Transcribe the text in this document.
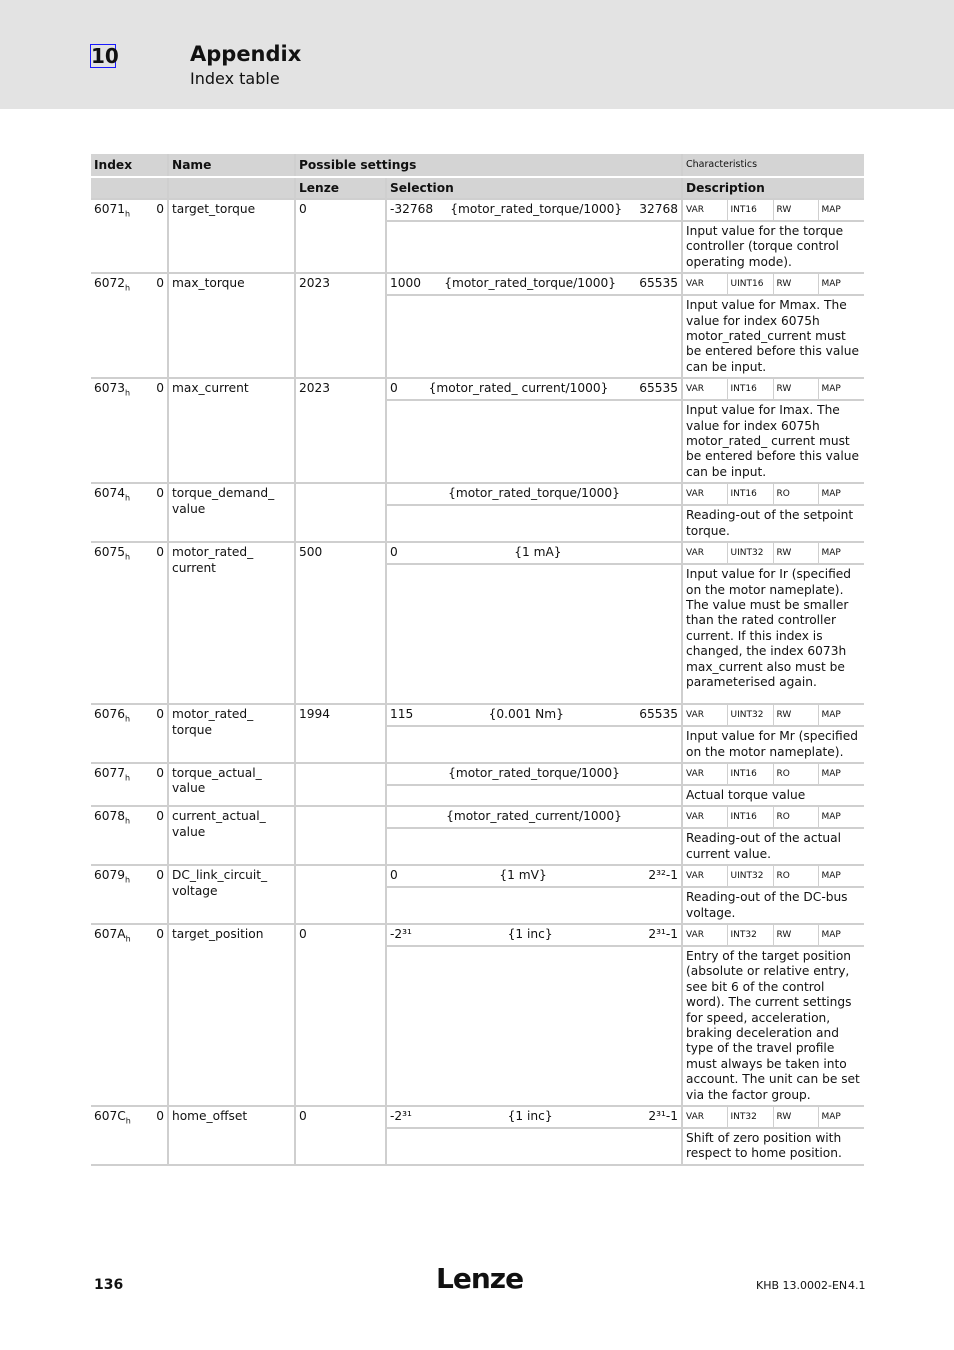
10	Appendix
Index table
Index		Name	Possible settings		Characteristics			
			Lenze	Selection	Description			
$6071_h$	0	target_torque	0	-32768 {motor_rated_torque/1000} 32768	VAR	INT16	RW	MAP
					Input value for the torque controller (torque control operating mode).			
$6072_h$	0	max_torque	2023	1000 {motor_rated_torque/1000} 65535	VAR	UINT16	RW	MAP
					Input value for Mmax. The value for index 6075h motor_rated_current must be entered before this value can be input.			
$6073_h$	0	max_current	2023	0 {motor_rated_ current/1000} 65535	VAR	INT16	RW	MAP
					Input value for Imax. The value for index 6075h motor_rated_ current must be entered before this value can be input.			
$6074_h$	0	torque_demand_ value		{motor_rated_torque/1000}	VAR	INT16	RO	MAP
					Reading-out of the setpoint torque.			
$6075_h$	0	motor_rated_ current	500	0 {1 mA}	VAR	UINT32	RW	MAP
					Input value for Ir (specified on the motor nameplate). The value must be smaller than the rated controller current. If this index is changed, the index 6073h max_current also must be parameterised again.			
$6076_h$	0	motor_rated_ torque	1994	115 {0.001 Nm} 65535	VAR	UINT32	RW	MAP
					Input value for Mr (specified on the motor nameplate).			
$6077_h$	0	torque_actual_ value		{motor_rated_torque/1000}	VAR	INT16	RO	MAP
					Actual torque value			
$6078_h$	0	current_actual_ value		{motor_rated_current/1000}	VAR	INT16	RO	MAP
					Reading-out of the actual current value.			
$6079_h$	0	DC_link_circuit_ voltage		0 {1 mV} 2³²-1	VAR	UINT32	RO	MAP
					Reading-out of the DC-bus voltage.			
$607A_h$	0	target_position	0	-2³¹ {1 inc} 2³¹-1	VAR	INT32	RW	MAP
					Entry of the target position (absolute or relative entry, see bit 6 of the control word). The current settings for speed, acceleration, braking deceleration and type of the travel profile must always be taken into account. The unit can be set via the factor group.			
$607C_h$	0	home_offset	0	-2³¹ {1 inc} 2³¹-1	VAR	INT32	RW	MAP
					Shift of zero position with respect to home position.			
136	Lenze	KHB 13.0002-EN 4.1
